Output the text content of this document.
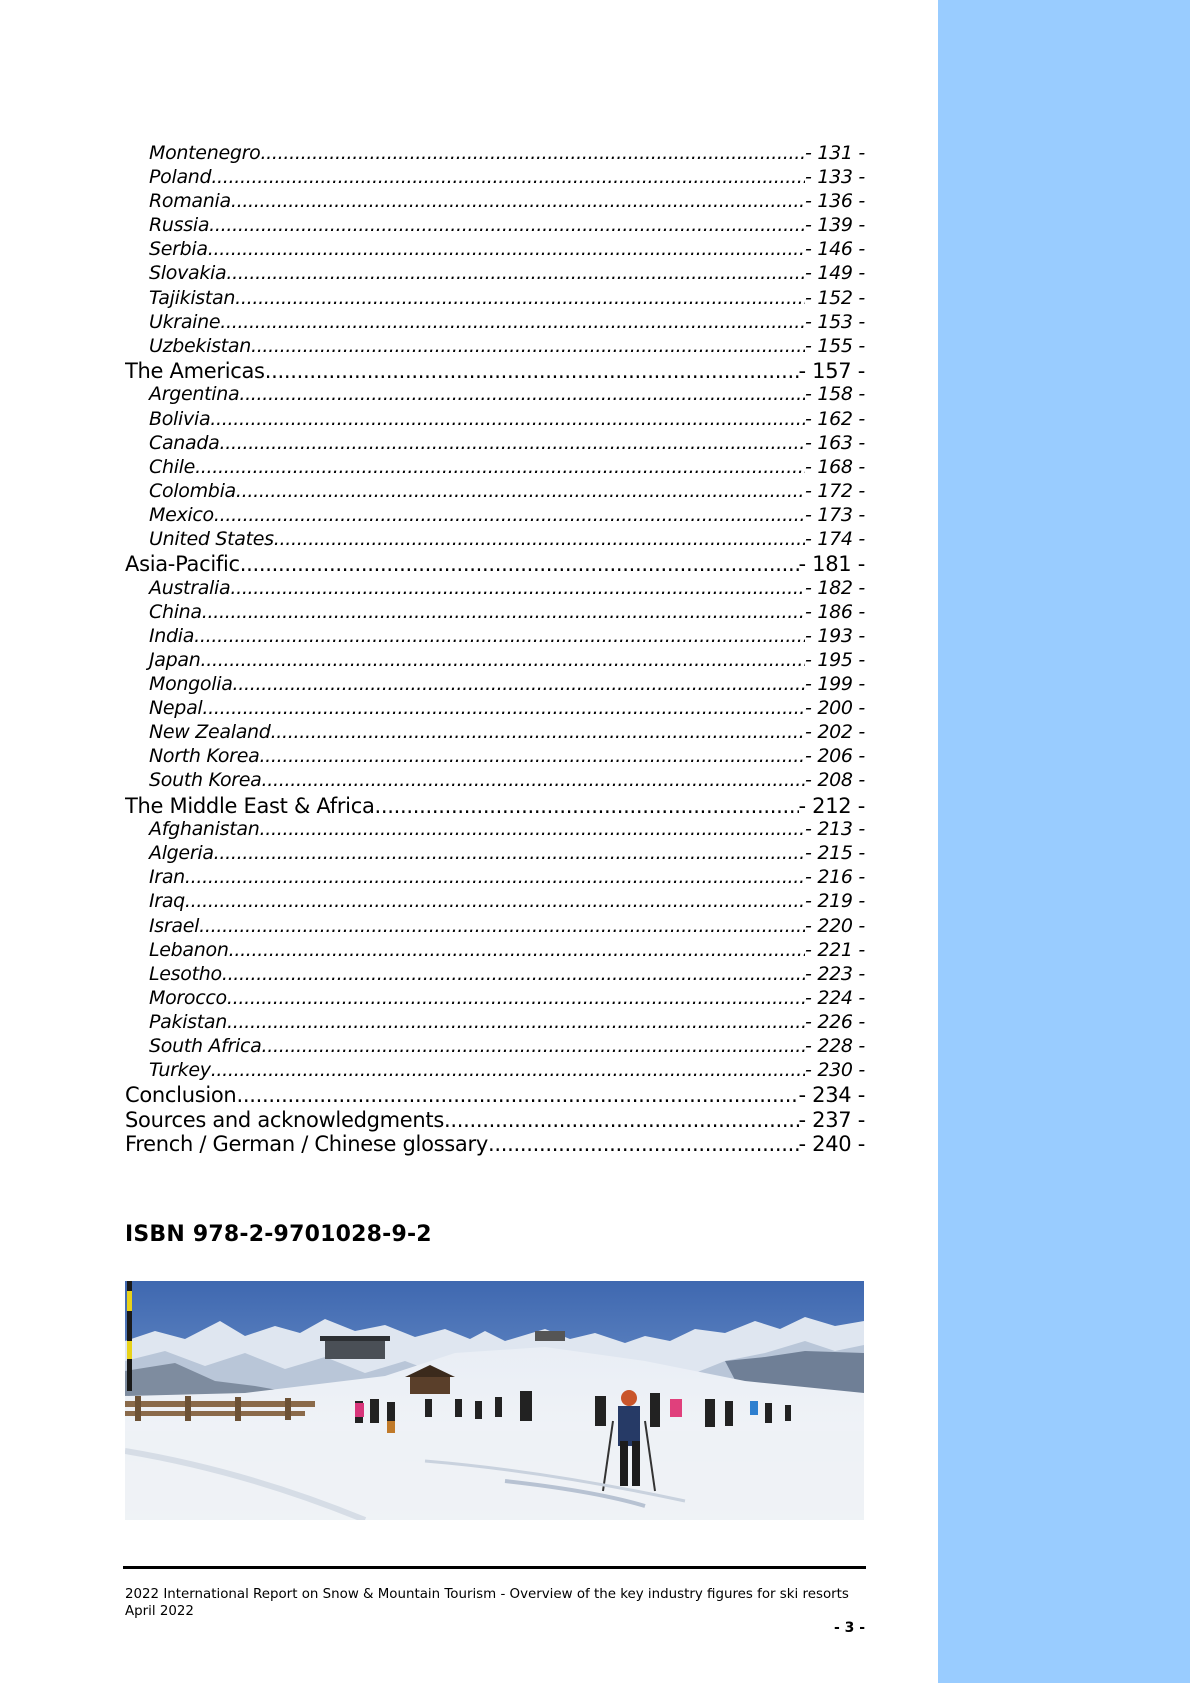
Montenegro .....	- 131 -
Poland .....	- 133 -
Romania .....	- 136 -
Russia .....	- 139 -
Serbia .....	- 146 -
Slovakia .....	- 149 -
Tajikistan .....	- 152 -
Ukraine .....	- 153 -
Uzbekistan .....	- 155 -
The Americas .....	- 157 -
Argentina .....	- 158 -
Bolivia .....	- 162 -
Canada .....	- 163 -
Chile .....	- 168 -
Colombia .....	- 172 -
Mexico .....	- 173 -
United States .....	- 174 -
Asia-Pacific .....	- 181 -
Australia .....	- 182 -
China .....	- 186 -
India .....	- 193 -
Japan .....	- 195 -
Mongolia .....	- 199 -
Nepal .....	- 200 -
New Zealand .....	- 202 -
North Korea .....	- 206 -
South Korea .....	- 208 -
The Middle East & Africa .....	- 212 -
Afghanistan .....	- 213 -
Algeria .....	- 215 -
Iran .....	- 216 -
Iraq .....	- 219 -
Israel .....	- 220 -
Lebanon .....	- 221 -
Lesotho .....	- 223 -
Morocco .....	- 224 -
Pakistan .....	- 226 -
South Africa .....	- 228 -
Turkey .....	- 230 -
Conclusion .....	- 234 -
Sources and acknowledgments .....	- 237 -
French / German / Chinese glossary .....	- 240 -
ISBN 978-2-9701028-9-2
2022 International Report on Snow & Mountain Tourism - Overview of the key industry figures for ski resorts
April 2022
- 3 -
